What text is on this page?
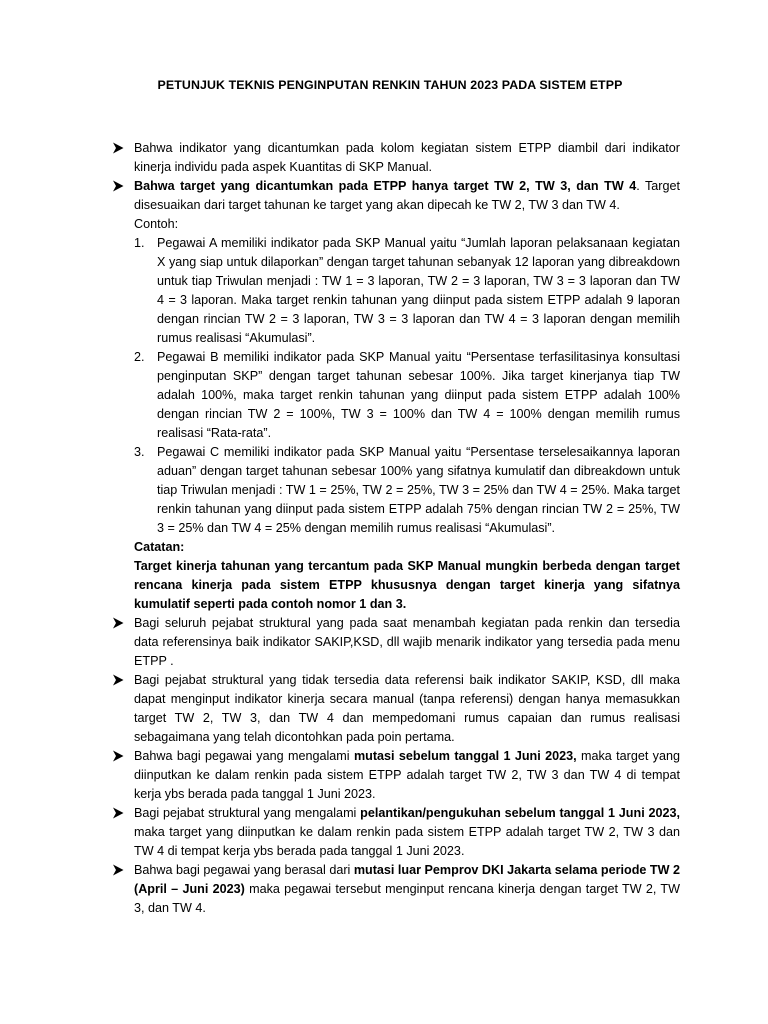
PETUNJUK TEKNIS PENGINPUTAN RENKIN TAHUN 2023 PADA SISTEM ETPP
Bahwa indikator yang dicantumkan pada kolom kegiatan sistem ETPP diambil dari indikator kinerja individu pada aspek Kuantitas di SKP Manual.
Bahwa target yang dicantumkan pada ETPP hanya target TW 2, TW 3, dan TW 4. Target disesuaikan dari target tahunan ke target yang akan dipecah ke TW 2, TW 3 dan TW 4.
Contoh:
1. Pegawai A memiliki indikator pada SKP Manual yaitu “Jumlah laporan pelaksanaan kegiatan X yang siap untuk dilaporkan” dengan target tahunan sebanyak 12 laporan yang dibreakdown untuk tiap Triwulan menjadi : TW 1 = 3 laporan, TW 2 = 3 laporan, TW 3 = 3 laporan dan TW 4 = 3 laporan. Maka target renkin tahunan yang diinput pada sistem ETPP adalah 9 laporan dengan rincian TW 2 = 3 laporan, TW 3 = 3 laporan dan TW 4 = 3 laporan dengan memilih rumus realisasi “Akumulasi”.
2. Pegawai B memiliki indikator pada SKP Manual yaitu “Persentase terfasilitasinya konsultasi penginputan SKP” dengan target tahunan sebesar 100%. Jika target kinerjanya tiap TW adalah 100%, maka target renkin tahunan yang diinput pada sistem ETPP adalah 100% dengan rincian TW 2 = 100%, TW 3 = 100% dan TW 4 = 100% dengan memilih rumus realisasi “Rata-rata”.
3. Pegawai C memiliki indikator pada SKP Manual yaitu “Persentase terselesaikannya laporan aduan” dengan target tahunan sebesar 100% yang sifatnya kumulatif dan dibreakdown untuk tiap Triwulan menjadi : TW 1 = 25%, TW 2 = 25%, TW 3 = 25% dan TW 4 = 25%. Maka target renkin tahunan yang diinput pada sistem ETPP adalah 75% dengan rincian TW 2 = 25%, TW 3 = 25% dan TW 4 = 25% dengan memilih rumus realisasi “Akumulasi”.
Catatan:
Target kinerja tahunan yang tercantum pada SKP Manual mungkin berbeda dengan target rencana kinerja pada sistem ETPP khususnya dengan target kinerja yang sifatnya kumulatif seperti pada contoh nomor 1 dan 3.
Bagi seluruh pejabat struktural yang pada saat menambah kegiatan pada renkin dan tersedia data referensinya baik indikator SAKIP,KSD, dll wajib menarik indikator yang tersedia pada menu ETPP .
Bagi pejabat struktural yang tidak tersedia data referensi baik indikator SAKIP, KSD, dll maka dapat menginput indikator kinerja secara manual (tanpa referensi) dengan hanya memasukkan target TW 2, TW 3, dan TW 4 dan mempedomani rumus capaian dan rumus realisasi sebagaimana yang telah dicontohkan pada poin pertama.
Bahwa bagi pegawai yang mengalami mutasi sebelum tanggal 1 Juni 2023, maka target yang diinputkan ke dalam renkin pada sistem ETPP adalah target TW 2, TW 3 dan TW 4 di tempat kerja ybs berada pada tanggal 1 Juni 2023.
Bagi pejabat struktural yang mengalami pelantikan/pengukuhan sebelum tanggal 1 Juni 2023, maka target yang diinputkan ke dalam renkin pada sistem ETPP adalah target TW 2, TW 3 dan TW 4 di tempat kerja ybs berada pada tanggal 1 Juni 2023.
Bahwa bagi pegawai yang berasal dari mutasi luar Pemprov DKI Jakarta selama periode TW 2 (April – Juni 2023) maka pegawai tersebut menginput rencana kinerja dengan target TW 2, TW 3, dan TW 4.
